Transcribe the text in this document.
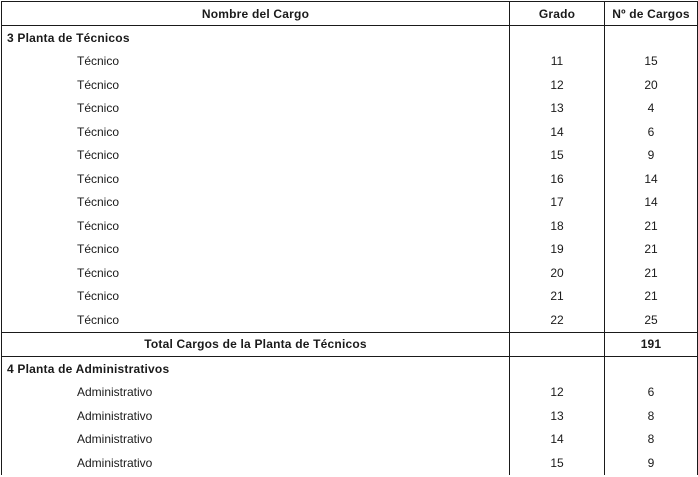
Nombre del Cargo	Grado	Nº de Cargos
3 Planta de Técnicos		
Técnico	11	15
Técnico	12	20
Técnico	13	4
Técnico	14	6
Técnico	15	9
Técnico	16	14
Técnico	17	14
Técnico	18	21
Técnico	19	21
Técnico	20	21
Técnico	21	21
Técnico	22	25
Total Cargos de la Planta de Técnicos		191
4 Planta de Administrativos		
Administrativo	12	6
Administrativo	13	8
Administrativo	14	8
Administrativo	15	9
